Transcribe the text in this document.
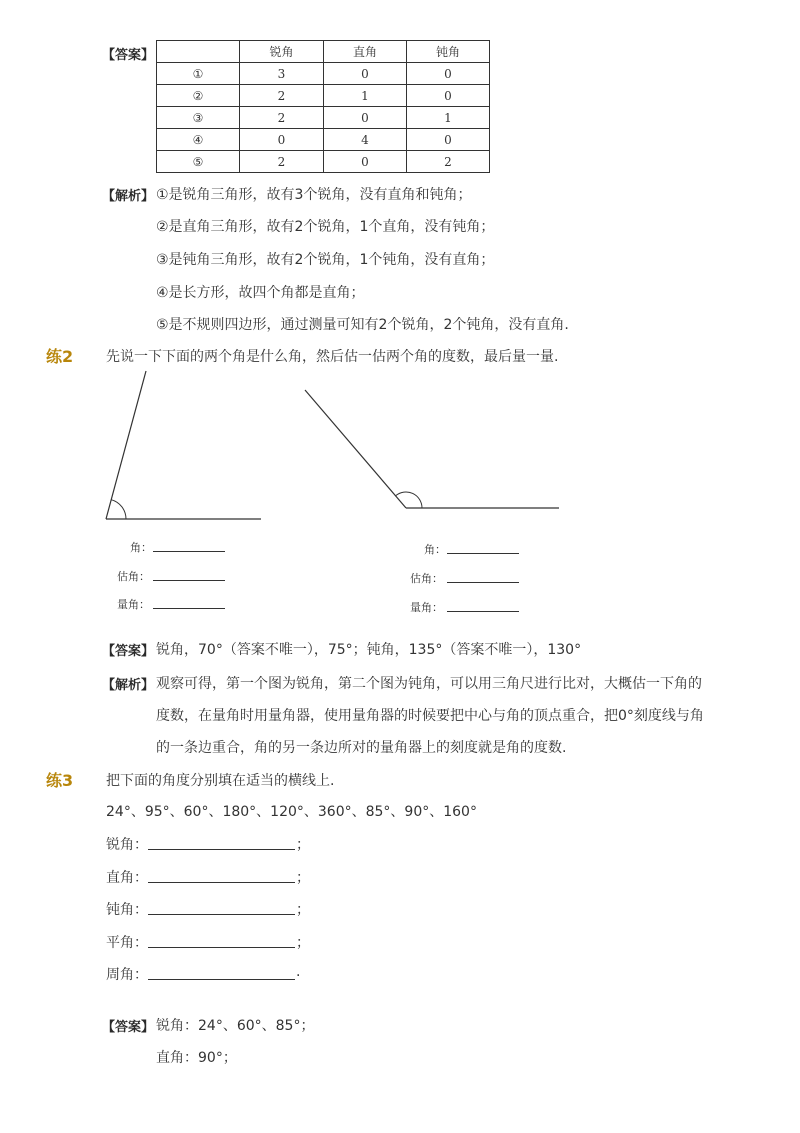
【答案】
		锐角	直角	钝角
①	3	0	0
②	2	1	0
③	2	0	1
④	0	4	0
⑤	2	0	2
【解析】 ①是锐角三角形，故有3个锐角，没有直角和钝角；
②是直角三角形，故有2个锐角，1个直角，没有钝角；
③是钝角三角形，故有2个锐角，1个钝角，没有直角；
④是长方形，故四个角都是直角；
⑤是不规则四边形，通过测量可知有2个锐角，2个钝角，没有直角.
练2 先说一下下面的两个角是什么角，然后估一估两个角的度数，最后量一量.
角：
估角：
量角：
角：
估角：
量角：
【答案】 锐角，70°（答案不唯一），75°；钝角，135°（答案不唯一），130°
【解析】 观察可得，第一个图为锐角，第二个图为钝角，可以用三角尺进行比对，大概估一下角的
度数，在量角时用量角器，使用量角器的时候要把中心与角的顶点重合，把0°刻度线与角
的一条边重合，角的另一条边所对的量角器上的刻度就是角的度数.
练3 把下面的角度分别填在适当的横线上.
24°、95°、60°、180°、120°、360°、85°、90°、160°
锐角：	；
直角：	；
钝角：	；
平角：	；
周角：	.
【答案】 锐角：24°、60°、85°；
直角：90°；
